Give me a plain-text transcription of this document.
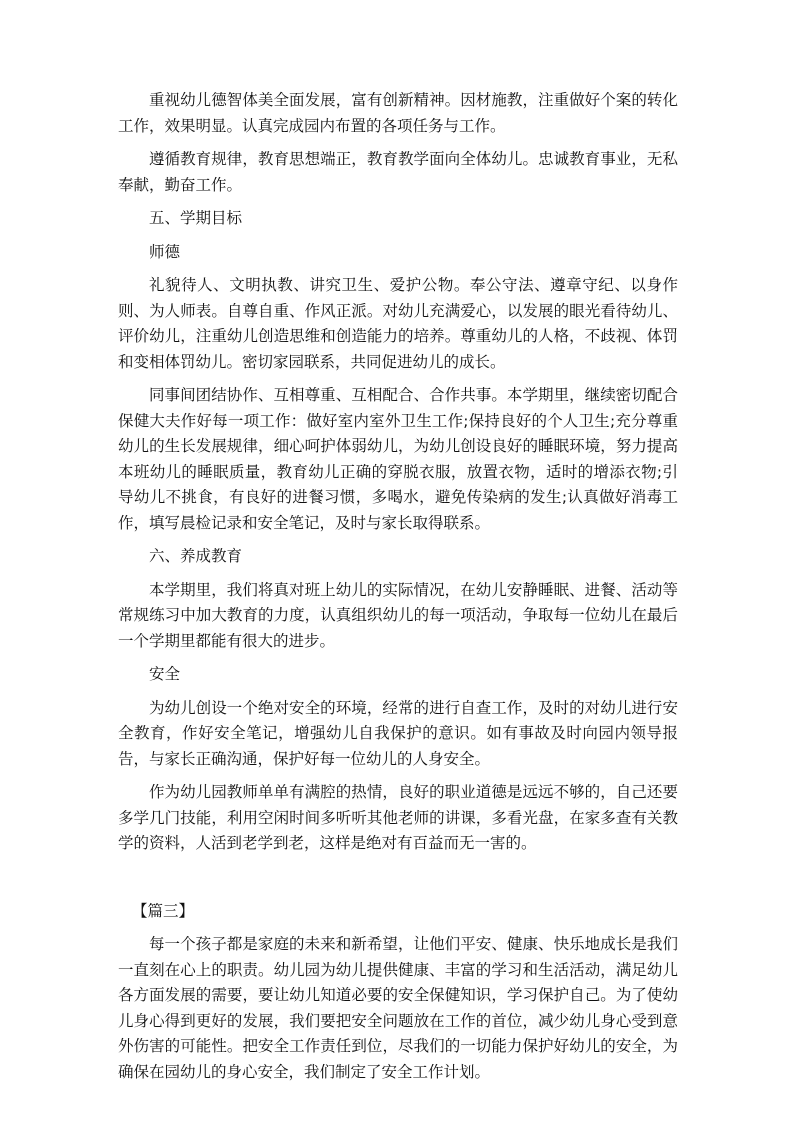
重视幼儿德智体美全面发展，富有创新精神。因材施教，注重做好个案的转化工作，效果明显。认真完成园内布置的各项任务与工作。

遵循教育规律，教育思想端正，教育教学面向全体幼儿。忠诚教育事业，无私奉献，勤奋工作。

五、学期目标

师德

礼貌待人、文明执教、讲究卫生、爱护公物。奉公守法、遵章守纪、以身作则、为人师表。自尊自重、作风正派。对幼儿充满爱心，以发展的眼光看待幼儿、评价幼儿，注重幼儿创造思维和创造能力的培养。尊重幼儿的人格，不歧视、体罚和变相体罚幼儿。密切家园联系，共同促进幼儿的成长。

同事间团结协作、互相尊重、互相配合、合作共事。本学期里，继续密切配合保健大夫作好每一项工作：做好室内室外卫生工作;保持良好的个人卫生;充分尊重幼儿的生长发展规律，细心呵护体弱幼儿，为幼儿创设良好的睡眠环境，努力提高本班幼儿的睡眠质量，教育幼儿正确的穿脱衣服，放置衣物，适时的增添衣物;引导幼儿不挑食，有良好的进餐习惯，多喝水，避免传染病的发生;认真做好消毒工作，填写晨检记录和安全笔记，及时与家长取得联系。

六、养成教育

本学期里，我们将真对班上幼儿的实际情况，在幼儿安静睡眠、进餐、活动等常规练习中加大教育的力度，认真组织幼儿的每一项活动，争取每一位幼儿在最后一个学期里都能有很大的进步。

安全

为幼儿创设一个绝对安全的环境，经常的进行自查工作，及时的对幼儿进行安全教育，作好安全笔记，增强幼儿自我保护的意识。如有事故及时向园内领导报告，与家长正确沟通，保护好每一位幼儿的人身安全。

作为幼儿园教师单单有满腔的热情，良好的职业道德是远远不够的，自己还要多学几门技能，利用空闲时间多听听其他老师的讲课，多看光盘，在家多查有关教学的资料，人活到老学到老，这样是绝对有百益而无一害的。

【篇三】

每一个孩子都是家庭的未来和新希望，让他们平安、健康、快乐地成长是我们一直刻在心上的职责。幼儿园为幼儿提供健康、丰富的学习和生活活动，满足幼儿各方面发展的需要，要让幼儿知道必要的安全保健知识，学习保护自己。为了使幼儿身心得到更好的发展，我们要把安全问题放在工作的首位，减少幼儿身心受到意外伤害的可能性。把安全工作责任到位，尽我们的一切能力保护好幼儿的安全，为确保在园幼儿的身心安全，我们制定了安全工作计划。
